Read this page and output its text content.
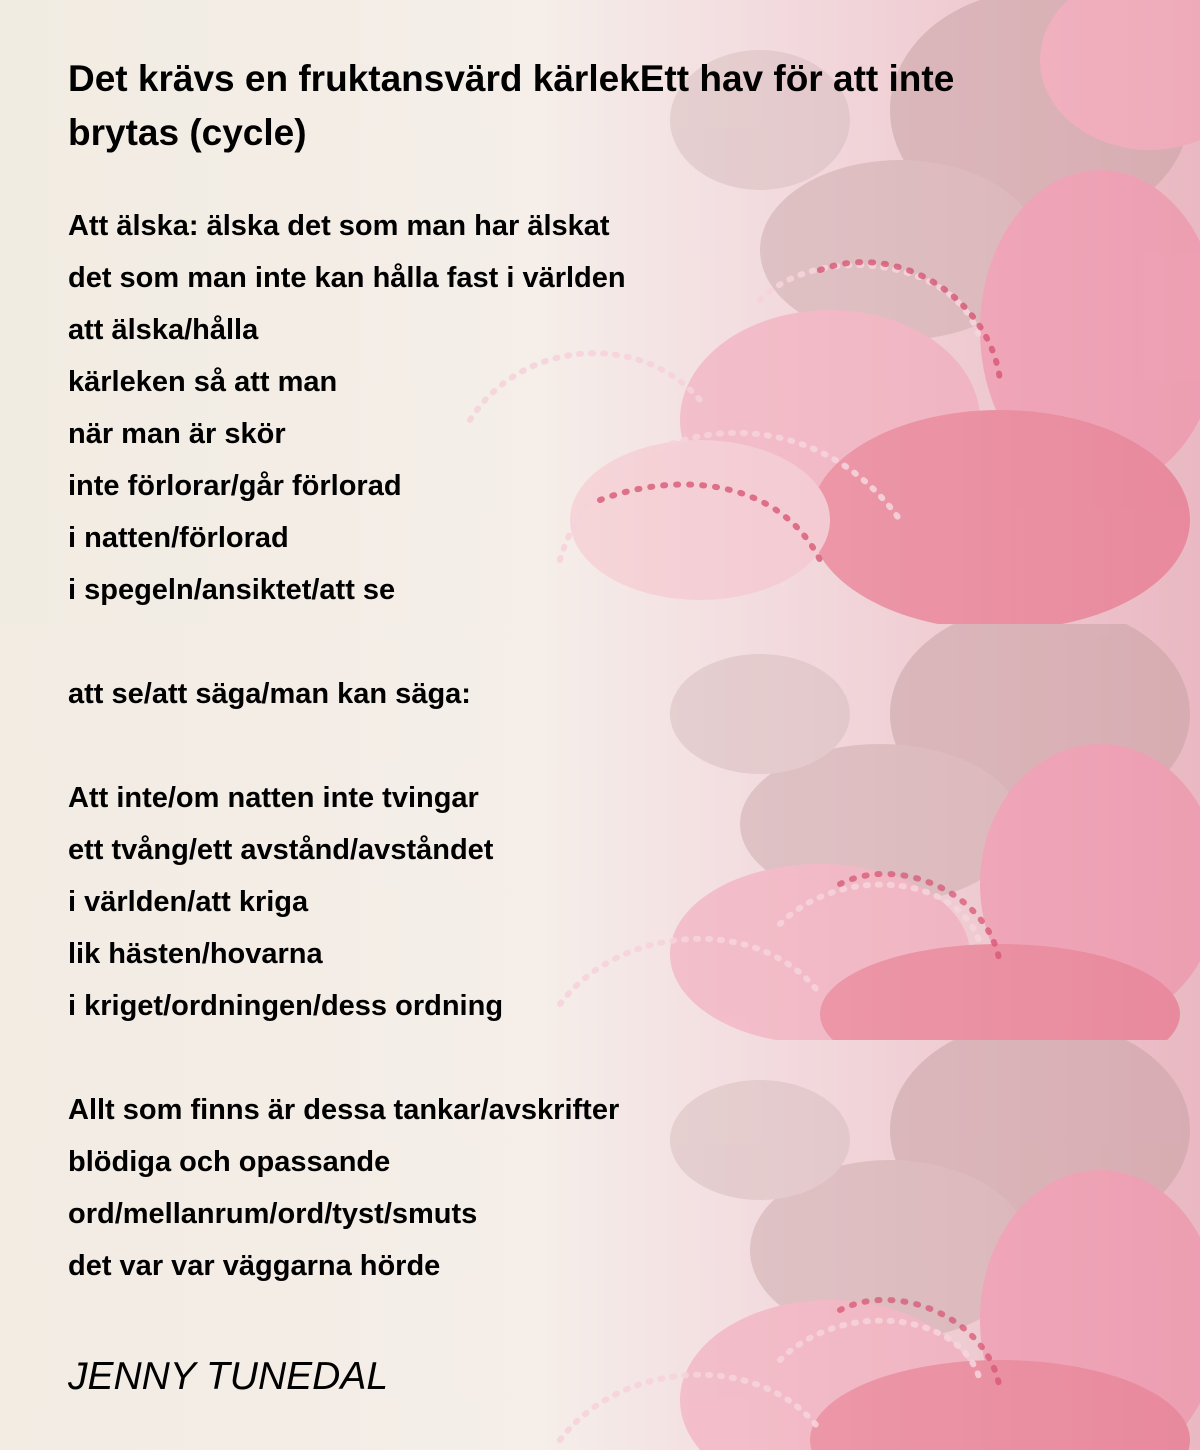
Det krävs en fruktansvärd kärlekEtt hav för att inte brytas (cycle)

Att älska: älska det som man har älskat

det som man inte kan hålla fast i världen

att älska/hålla

kärleken så att man

när man är skör

inte förlorar/går förlorad

i natten/förlorad

i spegeln/ansiktet/att se

att se/att säga/man kan säga:

Att inte/om natten inte tvingar

ett tvång/ett avstånd/avståndet

i världen/att kriga

lik hästen/hovarna

i kriget/ordningen/dess ordning

Allt som finns är dessa tankar/avskrifter

blödiga och opassande

ord/mellanrum/ord/tyst/smuts

det var var väggarna hörde

JENNY TUNEDAL
